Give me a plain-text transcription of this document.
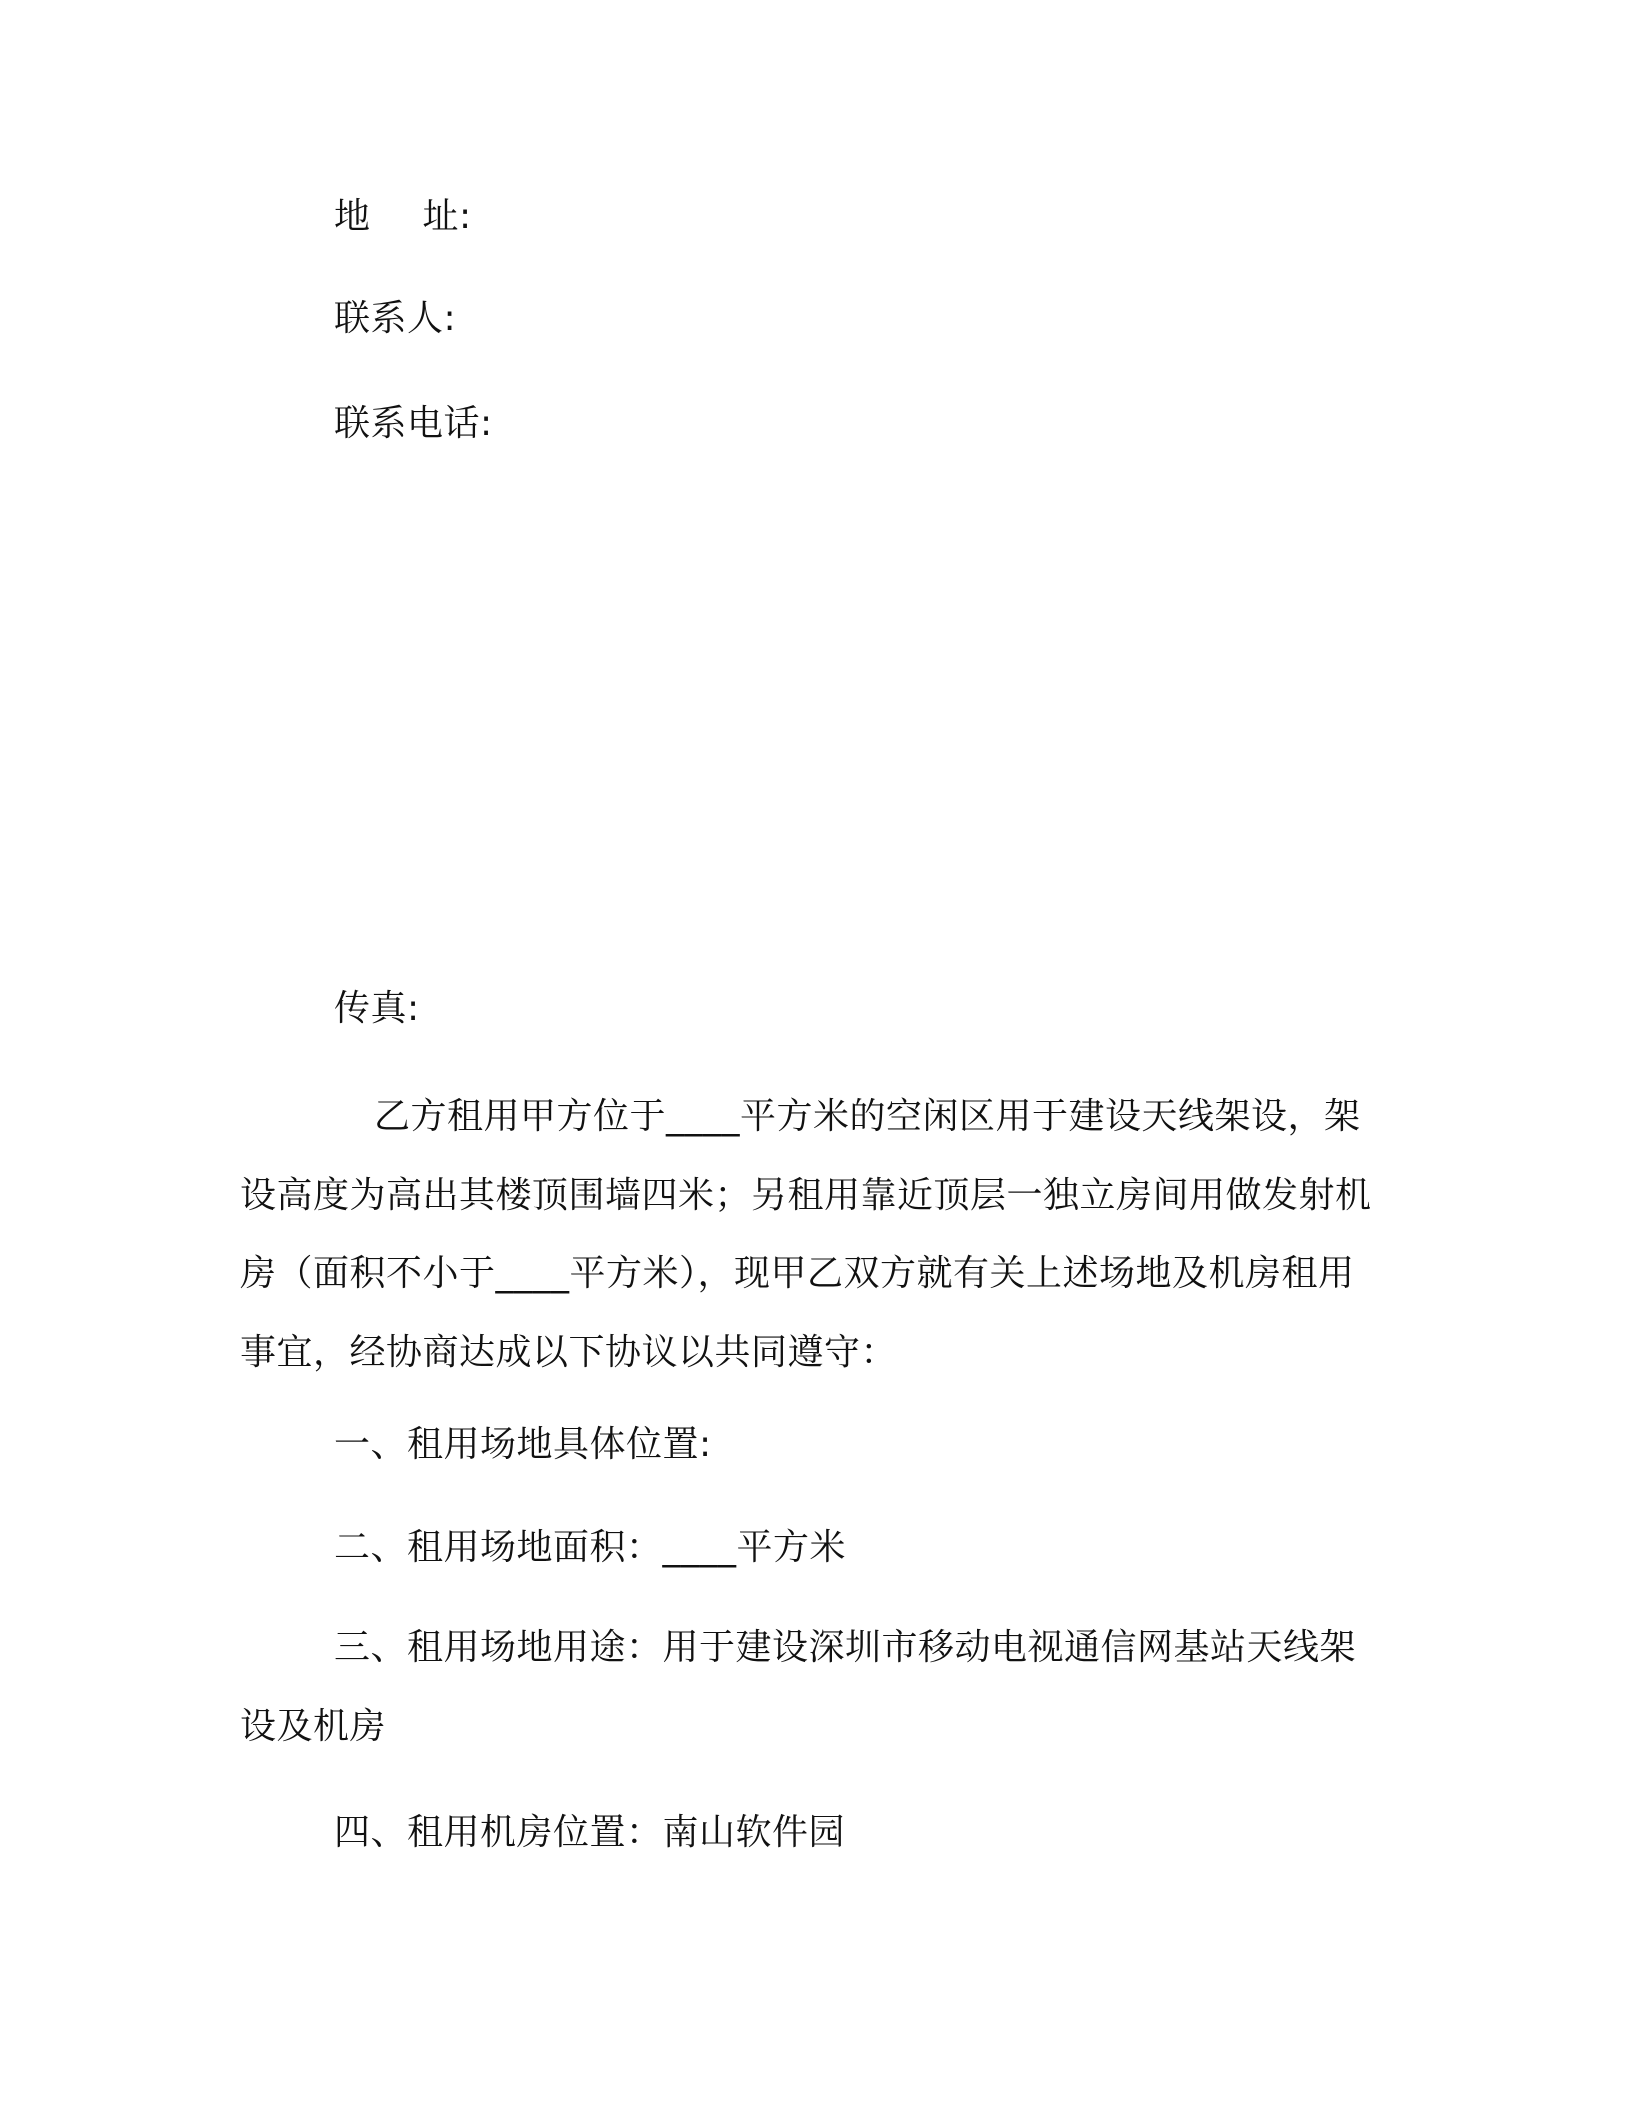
地 址:
联系人:
联系电话:
传真:
乙方租用甲方位于____平方米的空闲区用于建设天线架设，架设高度为高出其楼顶围墙四米；另租用靠近顶层一独立房间用做发射机房（面积不小于____平方米），现甲乙双方就有关上述场地及机房租用事宜，经协商达成以下协议以共同遵守：
一、租用场地具体位置:
二、租用场地面积：____平方米
三、租用场地用途：用于建设深圳市移动电视通信网基站天线架设及机房
四、租用机房位置：南山软件园
